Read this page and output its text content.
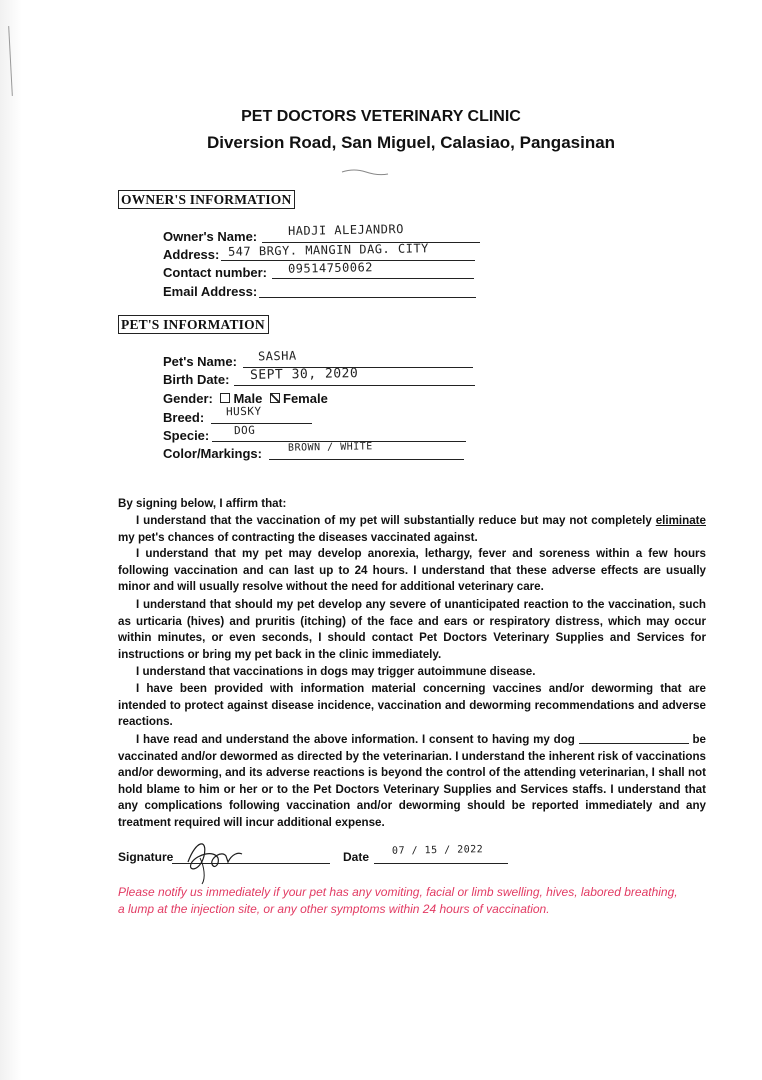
PET DOCTORS VETERINARY CLINIC
Diversion Road, San Miguel, Calasiao, Pangasinan
OWNER'S INFORMATION
Owner's Name:	HADJI ALEJANDRO
Address: 547 BRGY. MANGIN DAG. CITY
Contact number: 09514750062
Email Address:
PET'S INFORMATION
Pet's Name: SASHA
Birth Date: SEPT 30, 2020
Gender: Male Female
Breed: HUSKY
Specie: DOG
Color/Markings:	BROWN / WHITE
By signing below, I affirm that:
I understand that the vaccination of my pet will substantially reduce but may not completely eliminate my pet's chances of contracting the diseases vaccinated against.
I understand that my pet may develop anorexia, lethargy, fever and soreness within a few hours following vaccination and can last up to 24 hours. I understand that these adverse effects are usually minor and will usually resolve without the need for additional veterinary care.
I understand that should my pet develop any severe of unanticipated reaction to the vaccination, such as urticaria (hives) and pruritis (itching) of the face and ears or respiratory distress, which may occur within minutes, or even seconds, I should contact Pet Doctors Veterinary Supplies and Services for instructions or bring my pet back in the clinic immediately.
I understand that vaccinations in dogs may trigger autoimmune disease.
I have been provided with information material concerning vaccines and/or deworming that are intended to protect against disease incidence, vaccination and deworming recommendations and adverse reactions.
I have read and understand the above information. I consent to having my dog	be vaccinated and/or dewormed as directed by the veterinarian. I understand the inherent risk of vaccinations and/or deworming, and its adverse reactions is beyond the control of the attending veterinarian, I shall not hold blame to him or her or to the Pet Doctors Veterinary Supplies and Services staffs. I understand that any complications following vaccination and/or deworming should be reported immediately and any treatment required will incur additional expense.
Signature	Date 07 / 15 / 2022
Please notify us immediately if your pet has any vomiting, facial or limb swelling, hives, labored breathing, a lump at the injection site, or any other symptoms within 24 hours of vaccination.
